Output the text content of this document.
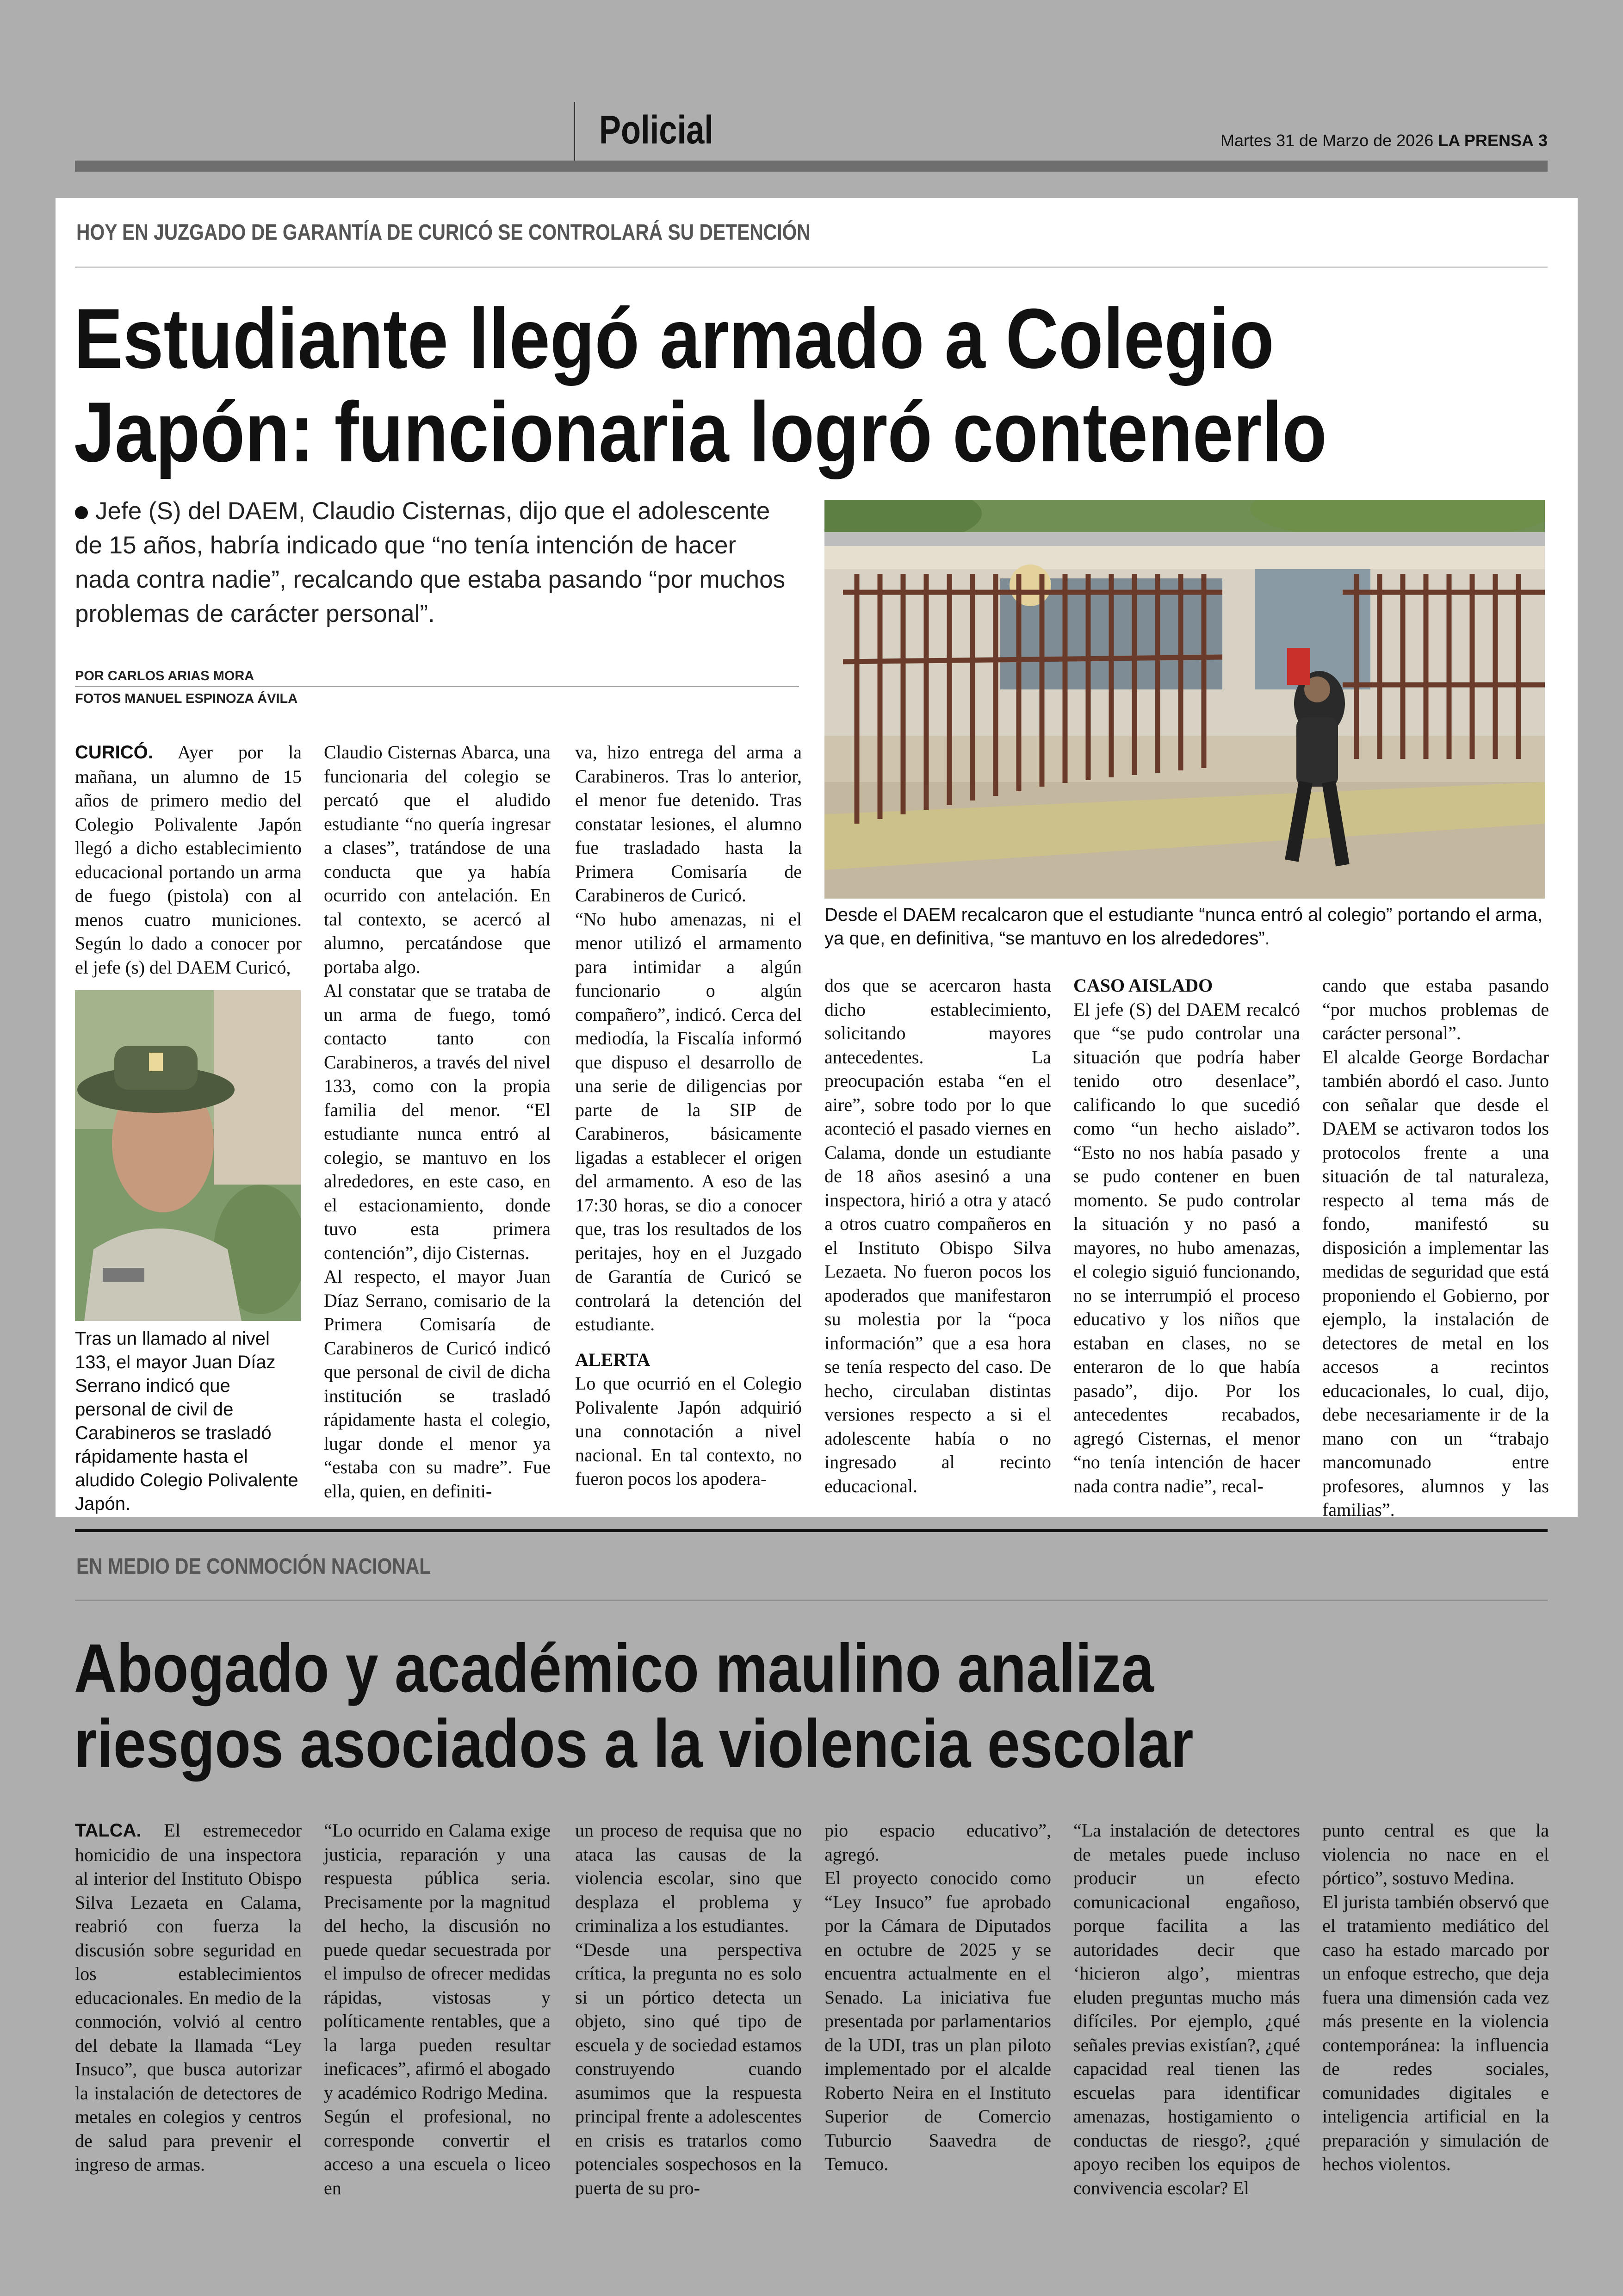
Policial	Martes 31 de Marzo de 2026 LA PRENSA 3
HOY EN JUZGADO DE GARANTÍA DE CURICÓ SE CONTROLARÁ SU DETENCIÓN
Estudiante llegó armado a Colegio
Japón: funcionaria logró contenerlo
Jefe (S) del DAEM, Claudio Cisternas, dijo que el adolescente de 15 años, habría indicado que “no tenía intención de hacer nada contra nadie”, recalcando que estaba pasando “por muchos problemas de carácter personal”.
POR CARLOS ARIAS MORA
FOTOS MANUEL ESPINOZA ÁVILA
Desde el DAEM recalcaron que el estudiante “nunca entró al colegio” portando el arma, ya que, en definitiva, “se mantuvo en los alrededores”.
Tras un llamado al nivel 133, el mayor Juan Díaz Serrano indicó que personal de civil de Carabineros se trasladó rápidamente hasta el aludido Colegio Polivalente Japón.
CURICÓ. Ayer por la mañana, un alumno de 15 años de primero medio del Colegio Polivalente Japón llegó a dicho establecimiento educacional portando un arma de fuego (pistola) con al menos cuatro municiones. Según lo dado a conocer por el jefe (s) del DAEM Curicó,
Claudio Cisternas Abarca, una funcionaria del colegio se percató que el aludido estudiante “no quería ingresar a clases”, tratándose de una conducta que ya había ocurrido con antelación. En tal contexto, se acercó al alumno, percatándose que portaba algo.
Al constatar que se trataba de un arma de fuego, tomó contacto tanto con Carabineros, a través del nivel 133, como con la propia familia del menor. “El estudiante nunca entró al colegio, se mantuvo en los alrededores, en este caso, en el estacionamiento, donde tuvo esta primera contención”, dijo Cisternas.
Al respecto, el mayor Juan Díaz Serrano, comisario de la Primera Comisaría de Carabineros de Curicó indicó que personal de civil de dicha institución se trasladó rápidamente hasta el colegio, lugar donde el menor ya “estaba con su madre”. Fue ella, quien, en definiti-
va, hizo entrega del arma a Carabineros. Tras lo anterior, el menor fue detenido. Tras constatar lesiones, el alumno fue trasladado hasta la Primera Comisaría de Carabineros de Curicó.
“No hubo amenazas, ni el menor utilizó el armamento para intimidar a algún funcionario o algún compañero”, indicó. Cerca del mediodía, la Fiscalía informó que dispuso el desarrollo de una serie de diligencias por parte de la SIP de Carabineros, básicamente ligadas a establecer el origen del armamento. A eso de las 17:30 horas, se dio a conocer que, tras los resultados de los peritajes, hoy en el Juzgado de Garantía de Curicó se controlará la detención del estudiante.

ALERTA
Lo que ocurrió en el Colegio Polivalente Japón adquirió una connotación a nivel nacional. En tal contexto, no fueron pocos los apodera-
dos que se acercaron hasta dicho establecimiento, solicitando mayores antecedentes. La preocupación estaba “en el aire”, sobre todo por lo que aconteció el pasado viernes en Calama, donde un estudiante de 18 años asesinó a una inspectora, hirió a otra y atacó a otros cuatro compañeros en el Instituto Obispo Silva Lezaeta. No fueron pocos los apoderados que manifestaron su molestia por la “poca información” que a esa hora se tenía respecto del caso. De hecho, circulaban distintas versiones respecto a si el adolescente había o no ingresado al recinto educacional.
CASO AISLADO
El jefe (S) del DAEM recalcó que “se pudo controlar una situación que podría haber tenido otro desenlace”, calificando lo que sucedió como “un hecho aislado”. “Esto no nos había pasado y se pudo contener en buen momento. Se pudo controlar la situación y no pasó a mayores, no hubo amenazas, el colegio siguió funcionando, no se interrumpió el proceso educativo y los niños que estaban en clases, no se enteraron de lo que había pasado”, dijo. Por los antecedentes recabados, agregó Cisternas, el menor “no tenía intención de hacer nada contra nadie”, recal-
cando que estaba pasando “por muchos problemas de carácter personal”.
El alcalde George Bordachar también abordó el caso. Junto con señalar que desde el DAEM se activaron todos los protocolos frente a una situación de tal naturaleza, respecto al tema más de fondo, manifestó su disposición a implementar las medidas de seguridad que está proponiendo el Gobierno, por ejemplo, la instalación de detectores de metal en los accesos a recintos educacionales, lo cual, dijo, debe necesariamente ir de la mano con un “trabajo mancomunado entre profesores, alumnos y las familias”.
EN MEDIO DE CONMOCIÓN NACIONAL
Abogado y académico maulino analiza
riesgos asociados a la violencia escolar
TALCA. El estremecedor homicidio de una inspectora al interior del Instituto Obispo Silva Lezaeta en Calama, reabrió con fuerza la discusión sobre seguridad en los establecimientos educacionales. En medio de la conmoción, volvió al centro del debate la llamada “Ley Insuco”, que busca autorizar la instalación de detectores de metales en colegios y centros de salud para prevenir el ingreso de armas.
“Lo ocurrido en Calama exige justicia, reparación y una respuesta pública seria. Precisamente por la magnitud del hecho, la discusión no puede quedar secuestrada por el impulso de ofrecer medidas rápidas, vistosas y políticamente rentables, que a la larga pueden resultar ineficaces”, afirmó el abogado y académico Rodrigo Medina.
Según el profesional, no corresponde convertir el acceso a una escuela o liceo en
un proceso de requisa que no ataca las causas de la violencia escolar, sino que desplaza el problema y criminaliza a los estudiantes.
“Desde una perspectiva crítica, la pregunta no es solo si un pórtico detecta un objeto, sino qué tipo de escuela y de sociedad estamos construyendo cuando asumimos que la respuesta principal frente a adolescentes en crisis es tratarlos como potenciales sospechosos en la puerta de su pro-
pio espacio educativo”, agregó.
El proyecto conocido como “Ley Insuco” fue aprobado por la Cámara de Diputados en octubre de 2025 y se encuentra actualmente en el Senado. La iniciativa fue presentada por parlamentarios de la UDI, tras un plan piloto implementado por el alcalde Roberto Neira en el Instituto Superior de Comercio Tuburcio Saavedra de Temuco.
“La instalación de detectores de metales puede incluso producir un efecto comunicacional engañoso, porque facilita a las autoridades decir que ‘hicieron algo’, mientras eluden preguntas mucho más difíciles. Por ejemplo, ¿qué señales previas existían?, ¿qué capacidad real tienen las escuelas para identificar amenazas, hostigamiento o conductas de riesgo?, ¿qué apoyo reciben los equipos de convivencia escolar? El
punto central es que la violencia no nace en el pórtico”, sostuvo Medina.
El jurista también observó que el tratamiento mediático del caso ha estado marcado por un enfoque estrecho, que deja fuera una dimensión cada vez más presente en la violencia contemporánea: la influencia de redes sociales, comunidades digitales e inteligencia artificial en la preparación y simulación de hechos violentos.
